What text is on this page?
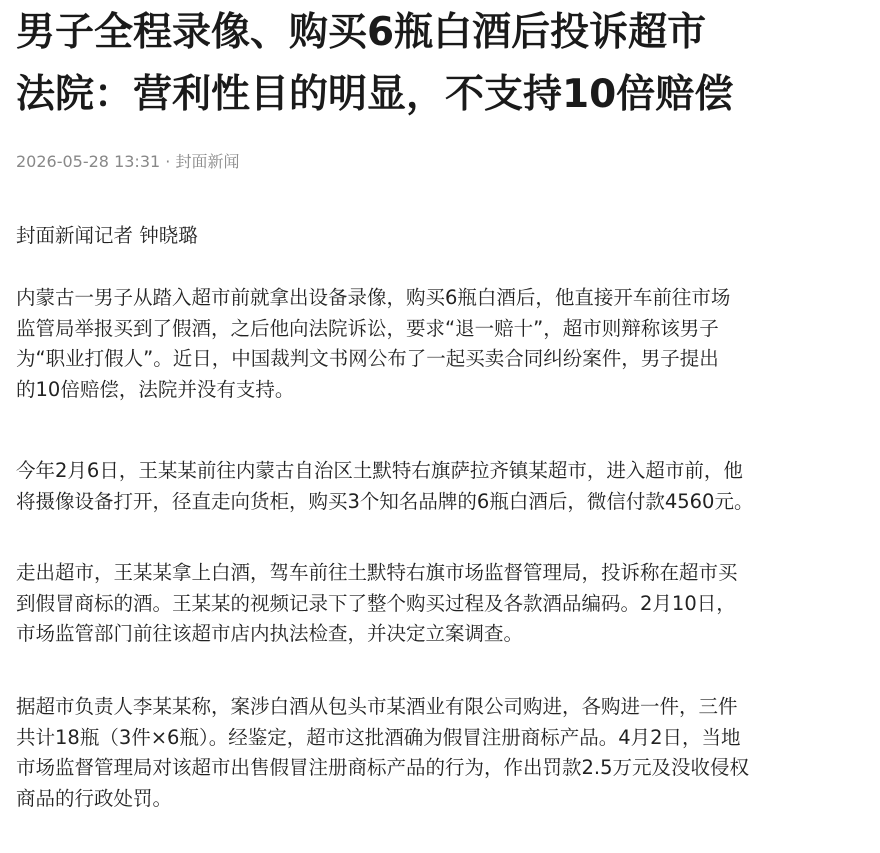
男子全程录像、购买6瓶白酒后投诉超市
法院：营利性目的明显，不支持10倍赔偿
2026-05-28 13:31 · 封面新闻
封面新闻记者 钟晓璐
内蒙古一男子从踏入超市前就拿出设备录像，购买6瓶白酒后，他直接开车前往市场
监管局举报买到了假酒，之后他向法院诉讼，要求“退一赔十”，超市则辩称该男子
为“职业打假人”。近日，中国裁判文书网公布了一起买卖合同纠纷案件，男子提出
的10倍赔偿，法院并没有支持。
今年2月6日，王某某前往内蒙古自治区土默特右旗萨拉齐镇某超市，进入超市前，他
将摄像设备打开，径直走向货柜，购买3个知名品牌的6瓶白酒后，微信付款4560元。
走出超市，王某某拿上白酒，驾车前往土默特右旗市场监督管理局，投诉称在超市买
到假冒商标的酒。王某某的视频记录下了整个购买过程及各款酒品编码。2月10日，
市场监管部门前往该超市店内执法检查，并决定立案调查。
据超市负责人李某某称，案涉白酒从包头市某酒业有限公司购进，各购进一件，三件
共计18瓶（3件×6瓶）。经鉴定，超市这批酒确为假冒注册商标产品。4月2日，当地
市场监督管理局对该超市出售假冒注册商标产品的行为，作出罚款2.5万元及没收侵权
商品的行政处罚。
